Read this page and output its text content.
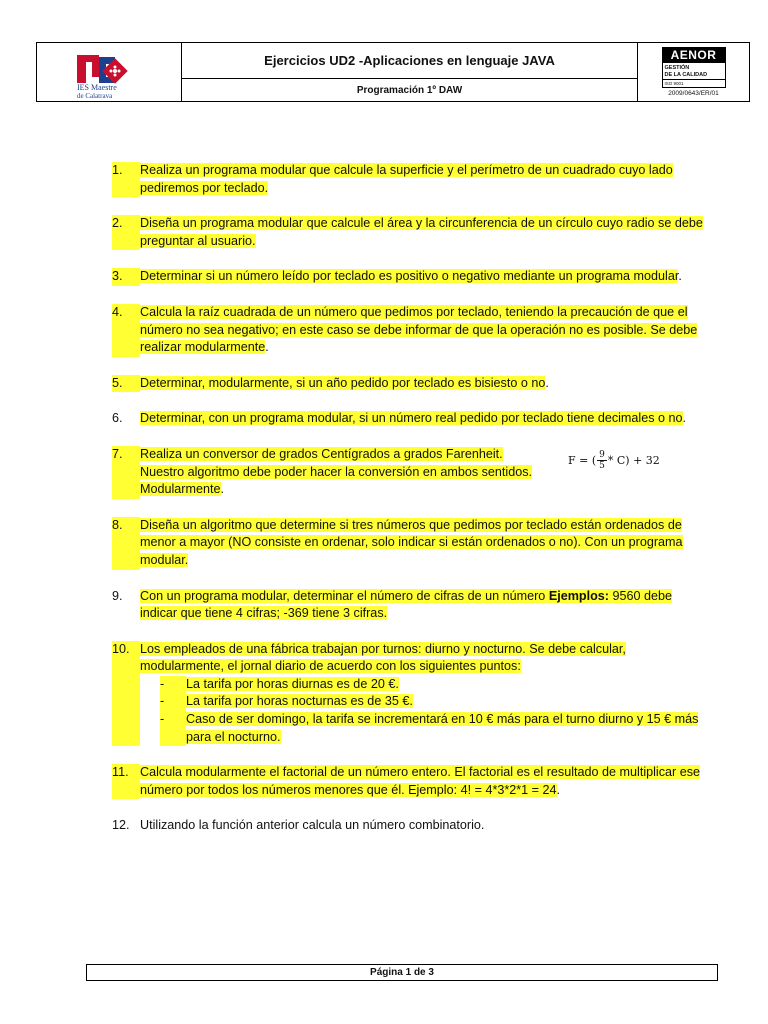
IES Maestre
de Calatrava
Ejercicios UD2 -Aplicaciones en lenguaje JAVA
Programación 1º DAW
AENOR
GESTIÓN
DE LA CALIDAD
ISO 9001
2009/0643/ER/01
1.	Realiza un programa modular que calcule la superficie y el perímetro de un cuadrado cuyo lado pediremos por teclado.
2.	Diseña un programa modular que calcule el área y la circunferencia de un círculo cuyo radio se debe preguntar al usuario.
3.	Determinar si un número leído por teclado es positivo o negativo mediante un programa modular.
4.	Calcula la raíz cuadrada de un número que pedimos por teclado, teniendo la precaución de que el número no sea negativo; en este caso se debe informar de que la operación no es posible. Se debe realizar modularmente.
5.	Determinar, modularmente, si un año pedido por teclado es bisiesto o no.
6.	Determinar, con un programa modular, si un número real pedido por teclado tiene decimales o no.
7.	Realiza un conversor de grados Centígrados a grados Farenheit. Nuestro algoritmo debe poder hacer la conversión en ambos sentidos. Modularmente.
F = ( $\frac{9}{5} * C) + 32$
8.	Diseña un algoritmo que determine si tres números que pedimos por teclado están ordenados de menor a mayor (NO consiste en ordenar, solo indicar si están ordenados o no). Con un programa modular.
9.	Con un programa modular, determinar el número de cifras de un número Ejemplos: 9560 debe indicar que tiene 4 cifras; -369 tiene 3 cifras.
10. Los empleados de una fábrica trabajan por turnos: diurno y nocturno. Se debe calcular, modularmente, el jornal diario de acuerdo con los siguientes puntos:
-	La tarifa por horas diurnas es de 20 €.
-	La tarifa por horas nocturnas es de 35 €.
-	Caso de ser domingo, la tarifa se incrementará en 10 € más para el turno diurno y 15 € más para el nocturno.
11. Calcula modularmente el factorial de un número entero. El factorial es el resultado de multiplicar ese número por todos los números menores que él. Ejemplo: 4! = 4*3*2*1 = 24.
12. Utilizando la función anterior calcula un número combinatorio.
Página 1 de 3
